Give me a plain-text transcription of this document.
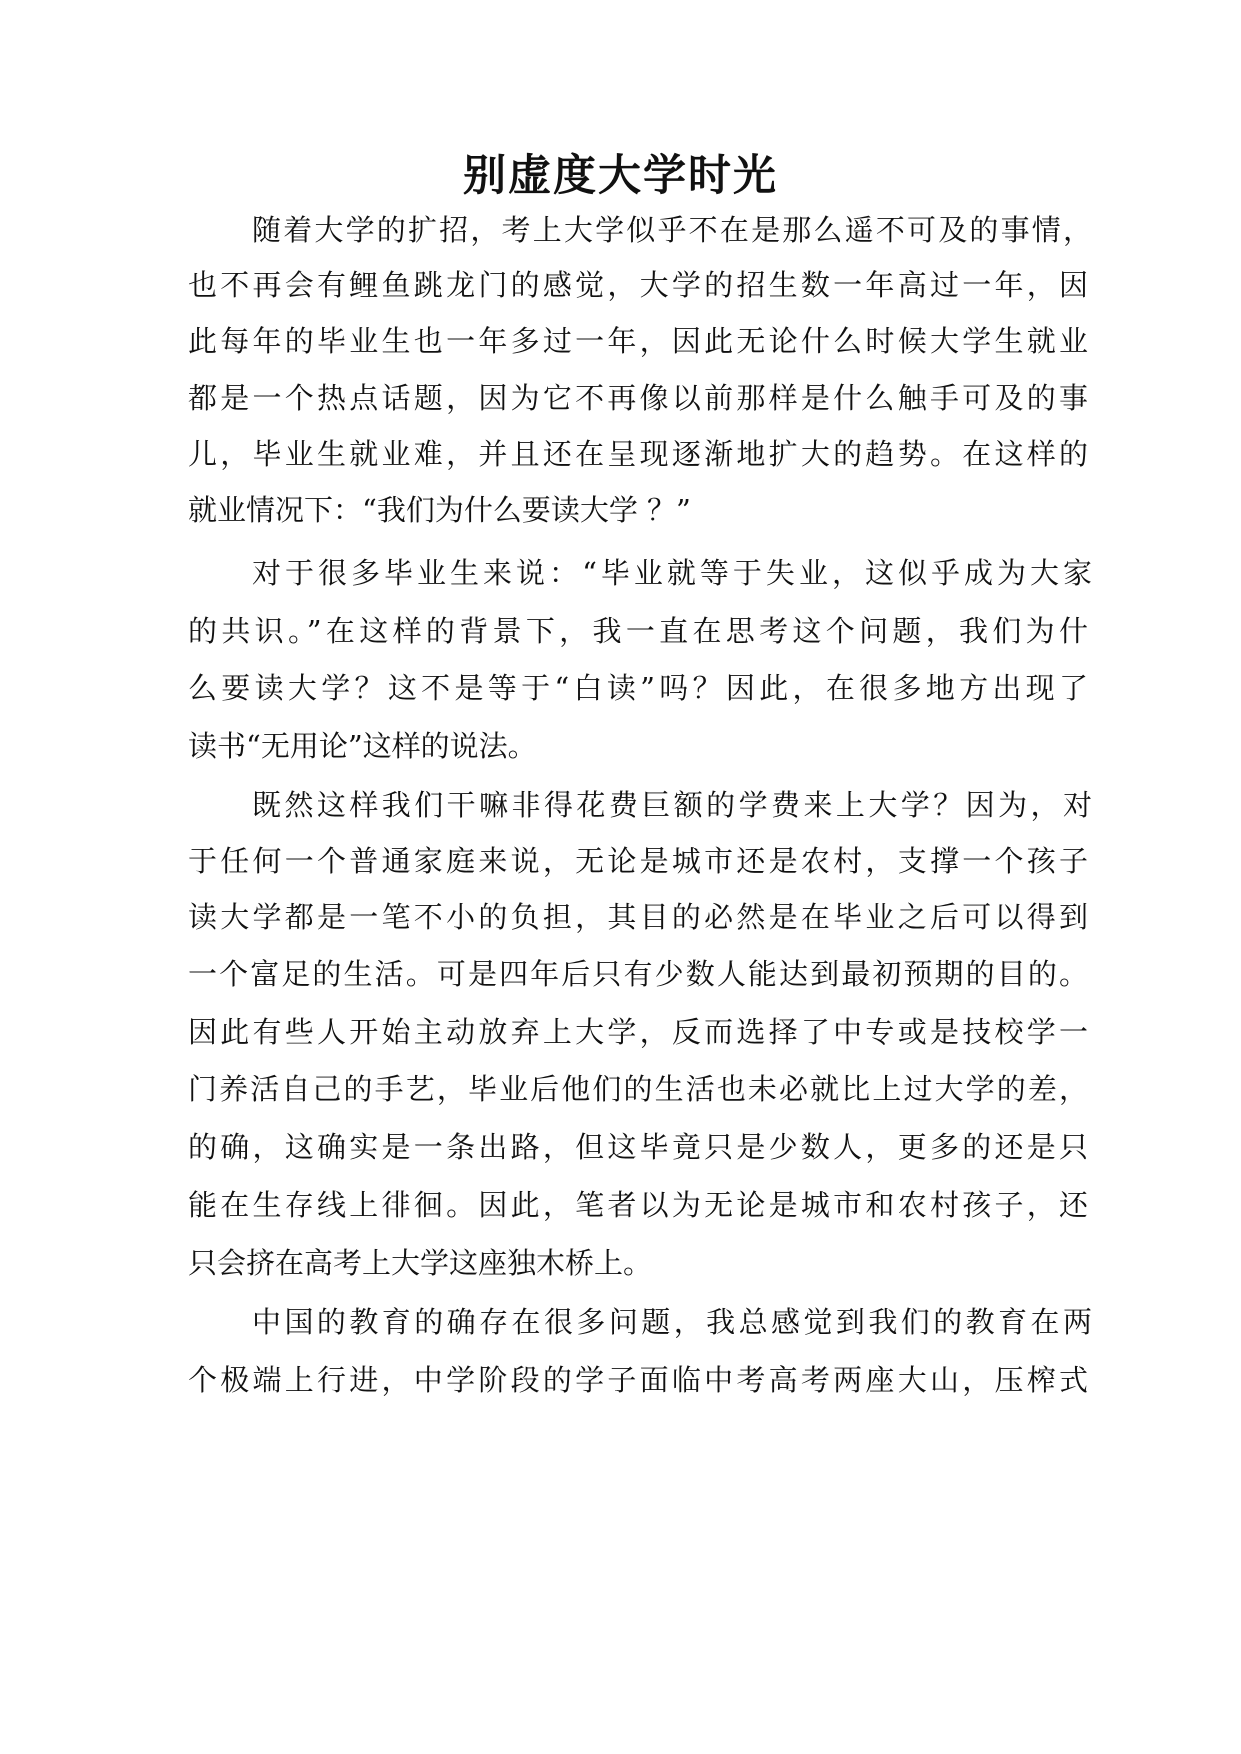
别虚度大学时光
随着大学的扩招，考上大学似乎不在是那么遥不可及的事情，
也不再会有鲤鱼跳龙门的感觉，大学的招生数一年高过一年，因
此每年的毕业生也一年多过一年，因此无论什么时候大学生就业
都是一个热点话题，因为它不再像以前那样是什么触手可及的事
儿，毕业生就业难，并且还在呈现逐渐地扩大的趋势。在这样的
就业情况下：“我们为什么要读大学 ？”
对于很多毕业生来说：“毕业就等于失业，这似乎成为大家
的共识。”在这样的背景下，我一直在思考这个问题，我们为什
么要读大学？这不是等于“白读”吗？因此，在很多地方出现了
读书“无用论”这样的说法。
既然这样我们干嘛非得花费巨额的学费来上大学？因为，对
于任何一个普通家庭来说，无论是城市还是农村，支撑一个孩子
读大学都是一笔不小的负担，其目的必然是在毕业之后可以得到
一个富足的生活。可是四年后只有少数人能达到最初预期的目的。
因此有些人开始主动放弃上大学，反而选择了中专或是技校学一
门养活自己的手艺，毕业后他们的生活也未必就比上过大学的差，
的确，这确实是一条出路，但这毕竟只是少数人，更多的还是只
能在生存线上徘徊。因此，笔者以为无论是城市和农村孩子，还
只会挤在高考上大学这座独木桥上。
中国的教育的确存在很多问题，我总感觉到我们的教育在两
个极端上行进，中学阶段的学子面临中考高考两座大山，压榨式
